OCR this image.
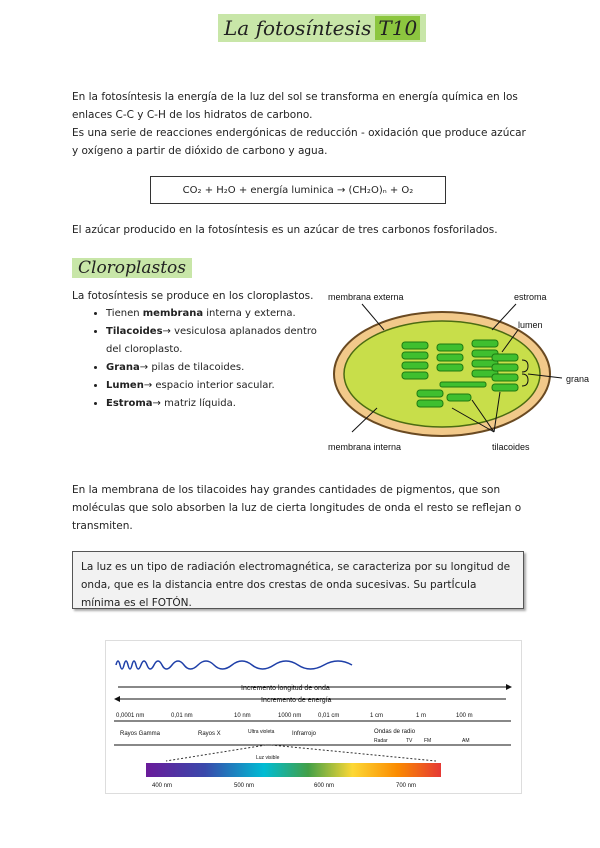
La fotosíntesis T10

En la fotosíntesis la energía de la luz del sol se transforma en energía química en los enlaces C-C y C-H de los hidratos de carbono.

Es una serie de reacciones endergónicas de reducción - oxidación que produce azúcar y oxígeno a partir de dióxido de carbono y agua.

CO₂ + H₂O + energía luminica → (CH₂O)ₙ + O₂

El azúcar producido en la fotosíntesis es un azúcar de tres carbonos fosforilados.

Cloroplastos

La fotosíntesis se produce en los cloroplastos.

• Tienen membrana interna y externa.
• Tilacoides→ vesiculosa aplanados dentro del cloroplasto.
• Grana→ pilas de tilacoides.
• Lumen→ espacio interior sacular.
• Estroma→ matriz líquida.
membrana externa	estroma
lumen
grana
membrana interna	tilacoides

En la membrana de los tilacoides hay grandes cantidades de pigmentos, que son moléculas que solo absorben la luz de cierta longitudes de onda el resto se reflejan o transmiten.

La luz es un tipo de radiación electromagnética, se caracteriza por su longitud de onda, que es la distancia entre dos crestas de onda sucesivas. Su partÍcula mínima es el FOTÓN.
Incremento longitud de onda
Incremento de energía
0,0001 nm	0,01 nm	10 nm	1000 nm	0,01 cm	1 cm	1 m	100 m
Rayos Gamma	Rayos X	Ultra violeta	Infrarrojo	Ondas de radio
Radar	TV FM	AM
Luz visible
400 nm	500 nm	600 nm	700 nm
